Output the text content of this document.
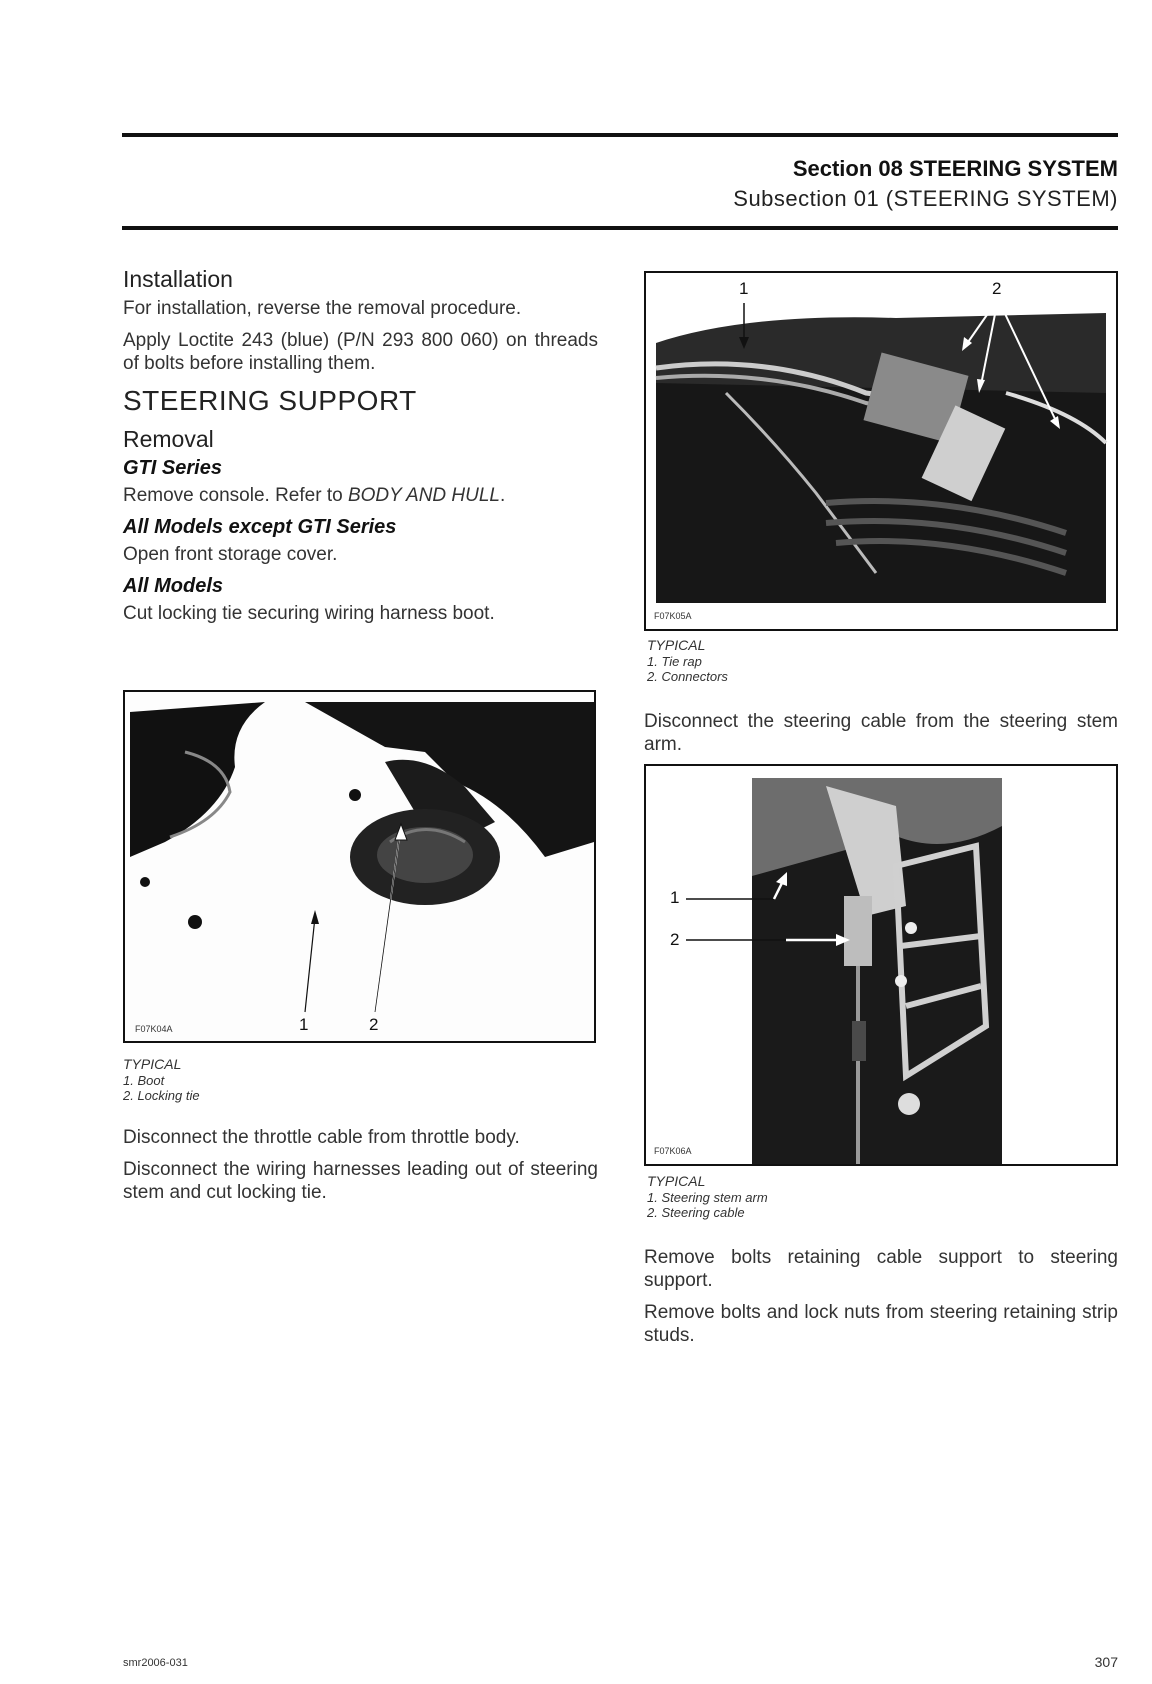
Section 08 STEERING SYSTEM
Subsection 01 (STEERING SYSTEM)
Installation

For installation, reverse the removal procedure.

Apply Loctite 243 (blue) (P/N 293 800 060) on threads of bolts before installing them.

STEERING SUPPORT
Removal
GTI Series

Remove console. Refer to BODY AND HULL.

All Models except GTI Series

Open front storage cover.

All Models

Cut locking tie securing wiring harness boot.

F07K04A	1	2
TYPICAL
1. Boot
2. Locking tie

Disconnect the throttle cable from throttle body.

Disconnect the wiring harnesses leading out of steering stem and cut locking tie.

1	2
F07K05A
TYPICAL
1. Tie rap
2. Connectors

Disconnect the steering cable from the steering stem arm.

1
2
F07K06A
TYPICAL
1. Steering stem arm
2. Steering cable

Remove bolts retaining cable support to steering support.

Remove bolts and lock nuts from steering retaining strip studs.

smr2006-031	307
